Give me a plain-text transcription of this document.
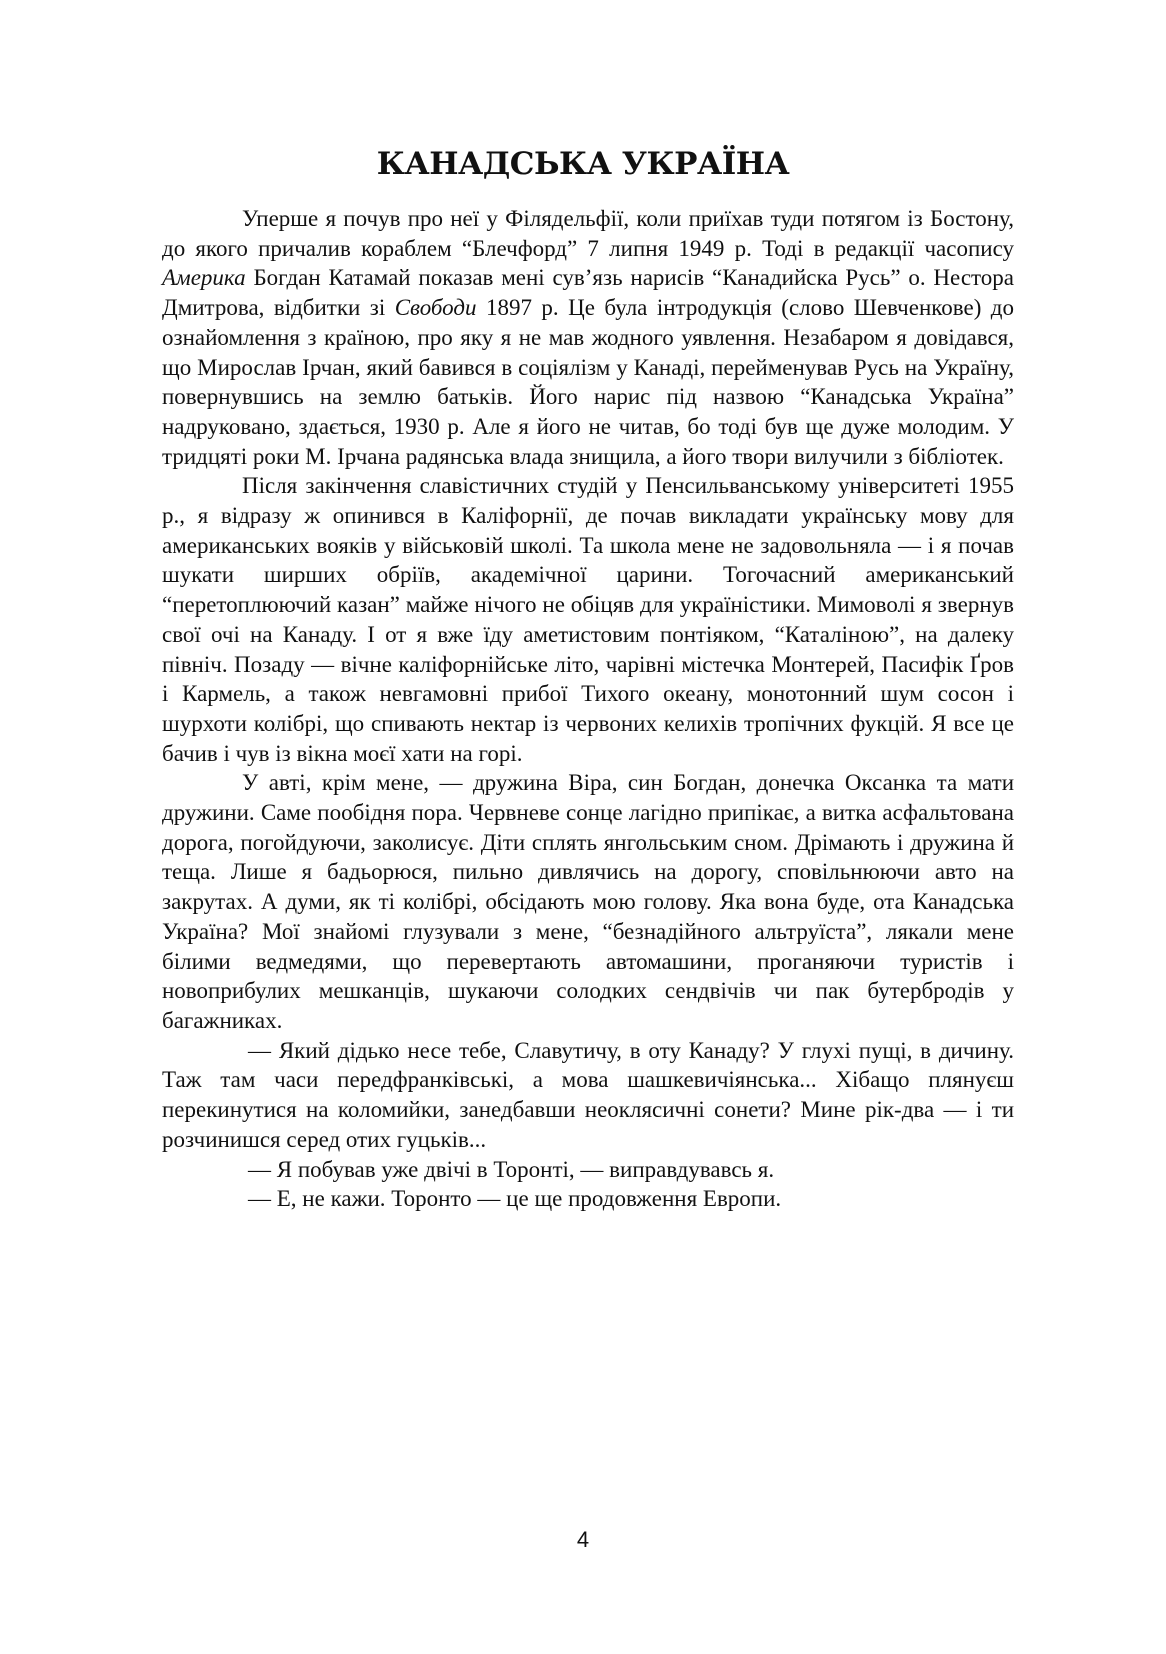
КАНАДСЬКА УКРАЇНА

Уперше я почув про неї у Філядельфії, коли приїхав туди потягом із Бостону, до якого причалив кораблем “Блечфорд” 7 липня 1949 р. Тоді в редакції часопису Америка Богдан Катамай показав мені сув’язь нарисів “Канадийска Русь” о. Нестора Дмитрова, відбитки зі Свободи 1897 р. Це була інтродукція (слово Шевченкове) до ознайомлення з країною, про яку я не мав жодного уявлення. Незабаром я довідався, що Мирослав Ірчан, який бавився в соціялізм у Канаді, перейменував Русь на Україну, повернувшись на землю батьків. Його нарис під назвою “Канадська Україна” надруковано, здається, 1930 р. Але я його не читав, бо тоді був ще дуже молодим. У тридцяті роки М. Ірчана радянська влада знищила, а його твори вилучили з бібліотек.

Після закінчення славістичних студій у Пенсильванському університеті 1955 р., я відразу ж опинився в Каліфорнії, де почав викладати українську мову для американських вояків у військовій школі. Та школа мене не задовольняла — і я почав шукати ширших обріїв, академічної царини. Тогочасний американський “перетоплюючий казан” майже нічого не обіцяв для україністики. Мимоволі я звернув свої очі на Канаду. І от я вже їду аметистовим понтіяком, “Каталіною”, на далеку північ. Позаду — вічне каліфорнійське літо, чарівні містечка Монтерей, Пасифік Ґров і Кармель, а також невгамовні прибої Тихого океану, монотонний шум сосон і шурхоти колібрі, що спивають нектар із червоних келихів тропічних фукцій. Я все це бачив і чув із вікна моєї хати на горі.

У авті, крім мене, — дружина Віра, син Богдан, донечка Оксанка та мати дружини. Саме пообідня пора. Червневе сонце лагідно припікає, а витка асфальтована дорога, погойдуючи, заколисує. Діти сплять янгольським сном. Дрімають і дружина й теща. Лише я бадьорюся, пильно дивлячись на дорогу, сповільнюючи авто на закрутах. А думи, як ті колібрі, обсідають мою голову. Яка вона буде, ота Канадська Україна? Мої знайомі глузували з мене, “безнадійного альтруїста”, лякали мене білими ведмедями, що перевертають автомашини, проганяючи туристів і новоприбулих мешканців, шукаючи солодких сендвічів чи пак бутербродів у багажниках.

— Який дідько несе тебе, Славутичу, в оту Канаду? У глухі пущі, в дичину. Таж там часи передфранківські, а мова шашкевичіянська... Хібащо плянуєш перекинутися на коломийки, занедбавши неоклясичні сонети? Мине рік-два — і ти розчинишся серед отих гуцьків...

— Я побував уже двічі в Торонті, — виправдувавсь я.

— Е, не кажи. Торонто — це ще продовження Европи.

4
